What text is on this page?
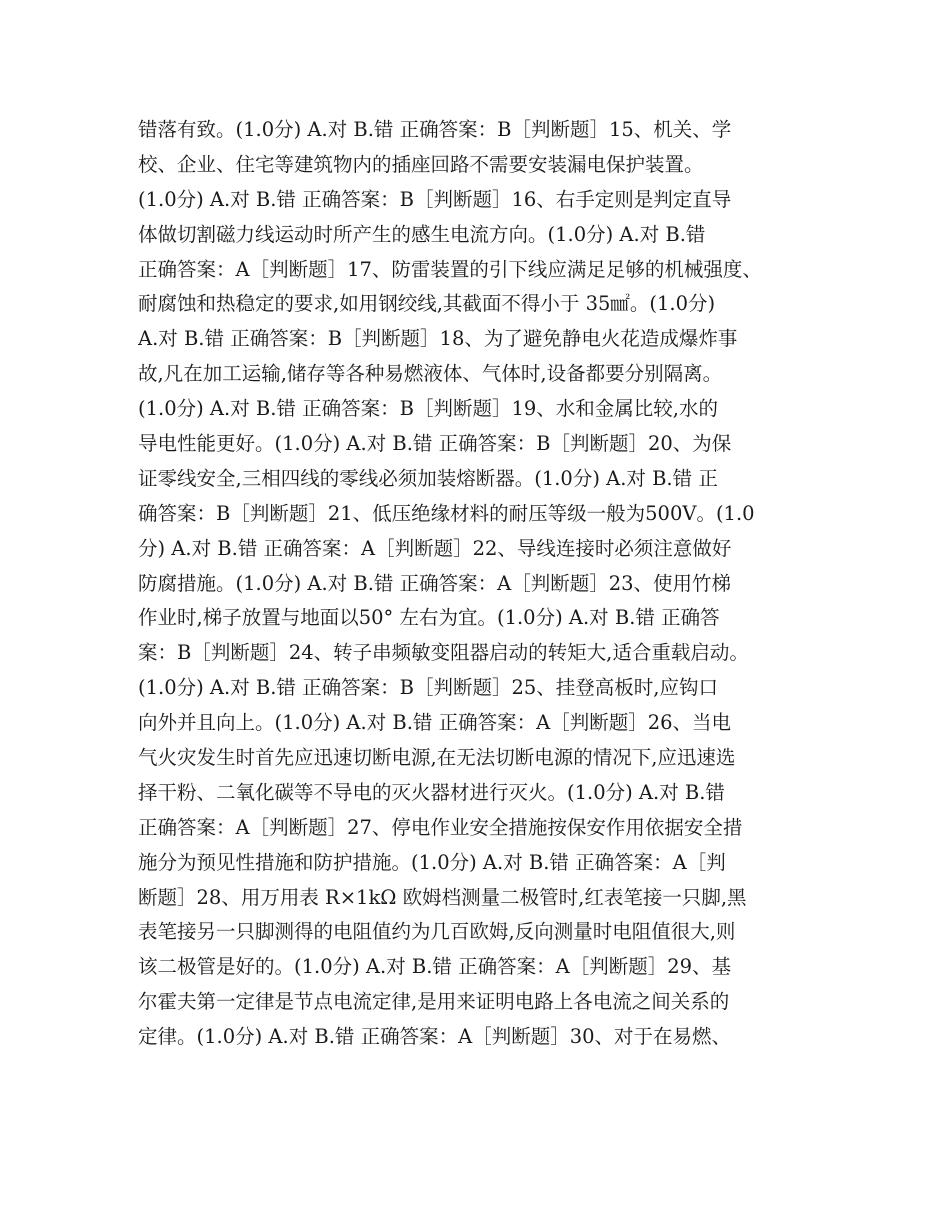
错落有致。(1.0分) A.对 B.错 正确答案：B［判断题］15、机关、学
校、企业、住宅等建筑物内的插座回路不需要安装漏电保护装置。
(1.0分) A.对 B.错 正确答案：B［判断题］16、右手定则是判定直导
体做切割磁力线运动时所产生的感生电流方向。(1.0分) A.对 B.错
正确答案：A［判断题］17、防雷装置的引下线应满足足够的机械强度、
耐腐蚀和热稳定的要求,如用钢绞线,其截面不得小于 35㎟。(1.0分)
A.对 B.错 正确答案：B［判断题］18、为了避免静电火花造成爆炸事
故,凡在加工运输,储存等各种易燃液体、气体时,设备都要分别隔离。
(1.0分) A.对 B.错 正确答案：B［判断题］19、水和金属比较,水的
导电性能更好。(1.0分) A.对 B.错 正确答案：B［判断题］20、为保
证零线安全,三相四线的零线必须加装熔断器。(1.0分) A.对 B.错 正
确答案：B［判断题］21、低压绝缘材料的耐压等级一般为500V。(1.0
分) A.对 B.错 正确答案：A［判断题］22、导线连接时必须注意做好
防腐措施。(1.0分) A.对 B.错 正确答案：A［判断题］23、使用竹梯
作业时,梯子放置与地面以50° 左右为宜。(1.0分) A.对 B.错 正确答
案：B［判断题］24、转子串频敏变阻器启动的转矩大,适合重载启动。
(1.0分) A.对 B.错 正确答案：B［判断题］25、挂登高板时,应钩口
向外并且向上。(1.0分) A.对 B.错 正确答案：A［判断题］26、当电
气火灾发生时首先应迅速切断电源,在无法切断电源的情况下,应迅速选
择干粉、二氧化碳等不导电的灭火器材进行灭火。(1.0分) A.对 B.错
正确答案：A［判断题］27、停电作业安全措施按保安作用依据安全措
施分为预见性措施和防护措施。(1.0分) A.对 B.错 正确答案：A［判
断题］28、用万用表 R×1kΩ 欧姆档测量二极管时,红表笔接一只脚,黑
表笔接另一只脚测得的电阻值约为几百欧姆,反向测量时电阻值很大,则
该二极管是好的。(1.0分) A.对 B.错 正确答案：A［判断题］29、基
尔霍夫第一定律是节点电流定律,是用来证明电路上各电流之间关系的
定律。(1.0分) A.对 B.错 正确答案：A［判断题］30、对于在易燃、
